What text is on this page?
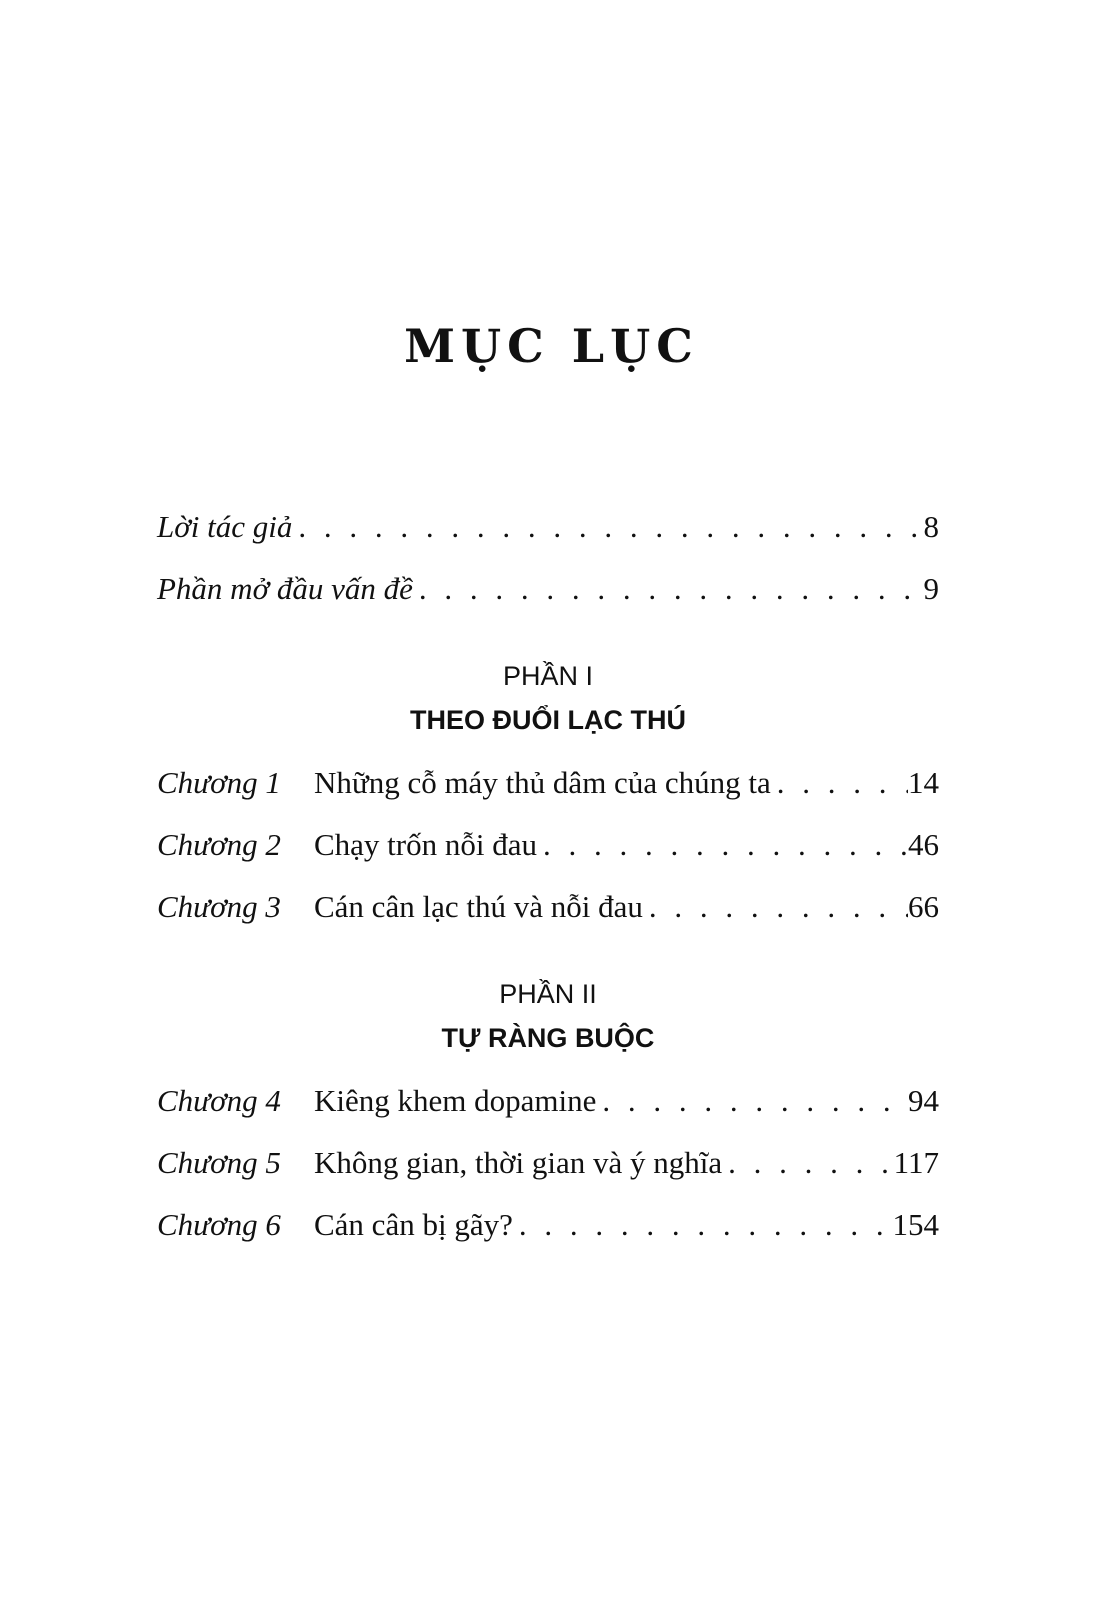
MỤC LỤC
Lời tác giả . . .	8
Phần mở đầu vấn đề . . .	9
PHẦN I
THEO ĐUỔI LẠC THÚ
Chương 1	Những cỗ máy thủ dâm của chúng ta . . .	14
Chương 2	Chạy trốn nỗi đau . . .	46
Chương 3	Cán cân lạc thú và nỗi đau . . .	66
PHẦN II
TỰ RÀNG BUỘC
Chương 4	Kiêng khem dopamine . . .	94
Chương 5	Không gian, thời gian và ý nghĩa . . .	117
Chương 6	Cán cân bị gãy? . . .	154
